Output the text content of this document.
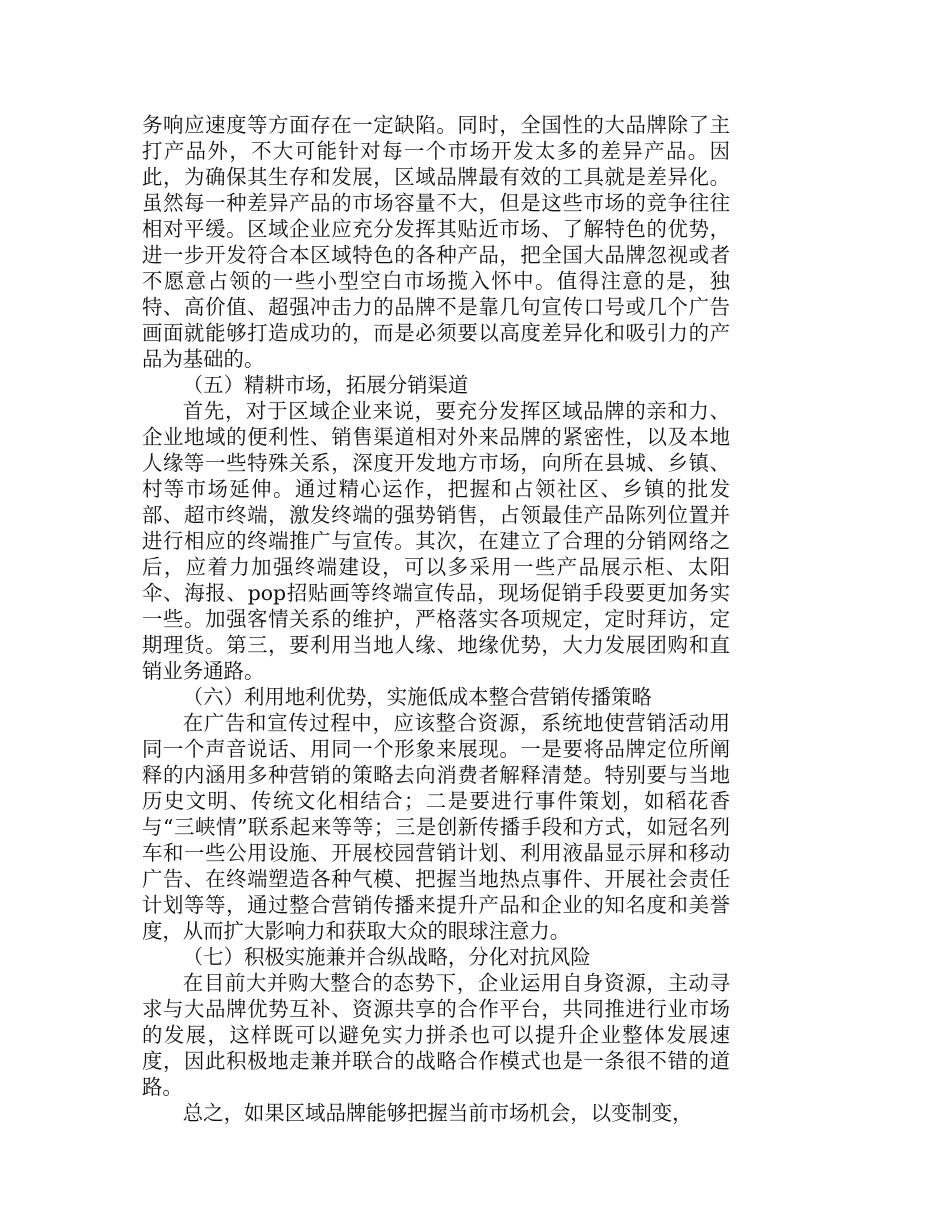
务响应速度等方面存在一定缺陷。同时，全国性的大品牌除了主打产品外，不大可能针对每一个市场开发太多的差异产品。因此，为确保其生存和发展，区域品牌最有效的工具就是差异化。虽然每一种差异产品的市场容量不大，但是这些市场的竞争往往相对平缓。区域企业应充分发挥其贴近市场、了解特色的优势，进一步开发符合本区域特色的各种产品，把全国大品牌忽视或者不愿意占领的一些小型空白市场揽入怀中。值得注意的是，独特、高价值、超强冲击力的品牌不是靠几句宣传口号或几个广告画面就能够打造成功的，而是必须要以高度差异化和吸引力的产品为基础的。

（五）精耕市场，拓展分销渠道

首先，对于区域企业来说，要充分发挥区域品牌的亲和力、企业地域的便利性、销售渠道相对外来品牌的紧密性，以及本地人缘等一些特殊关系，深度开发地方市场，向所在县城、乡镇、村等市场延伸。通过精心运作，把握和占领社区、乡镇的批发部、超市终端，激发终端的强势销售，占领最佳产品陈列位置并进行相应的终端推广与宣传。其次，在建立了合理的分销网络之后，应着力加强终端建设，可以多采用一些产品展示柜、太阳伞、海报、pop招贴画等终端宣传品，现场促销手段要更加务实一些。加强客情关系的维护，严格落实各项规定，定时拜访，定期理货。第三，要利用当地人缘、地缘优势，大力发展团购和直销业务通路。

（六）利用地利优势，实施低成本整合营销传播策略

在广告和宣传过程中，应该整合资源，系统地使营销活动用同一个声音说话、用同一个形象来展现。一是要将品牌定位所阐释的内涵用多种营销的策略去向消费者解释清楚。特别要与当地历史文明、传统文化相结合；二是要进行事件策划，如稻花香与“三峡情”联系起来等等；三是创新传播手段和方式，如冠名列车和一些公用设施、开展校园营销计划、利用液晶显示屏和移动广告、在终端塑造各种气模、把握当地热点事件、开展社会责任计划等等，通过整合营销传播来提升产品和企业的知名度和美誉度，从而扩大影响力和获取大众的眼球注意力。

（七）积极实施兼并合纵战略，分化对抗风险

在目前大并购大整合的态势下，企业运用自身资源，主动寻求与大品牌优势互补、资源共享的合作平台，共同推进行业市场的发展，这样既可以避免实力拼杀也可以提升企业整体发展速度，因此积极地走兼并联合的战略合作模式也是一条很不错的道路。

总之，如果区域品牌能够把握当前市场机会，以变制变，
